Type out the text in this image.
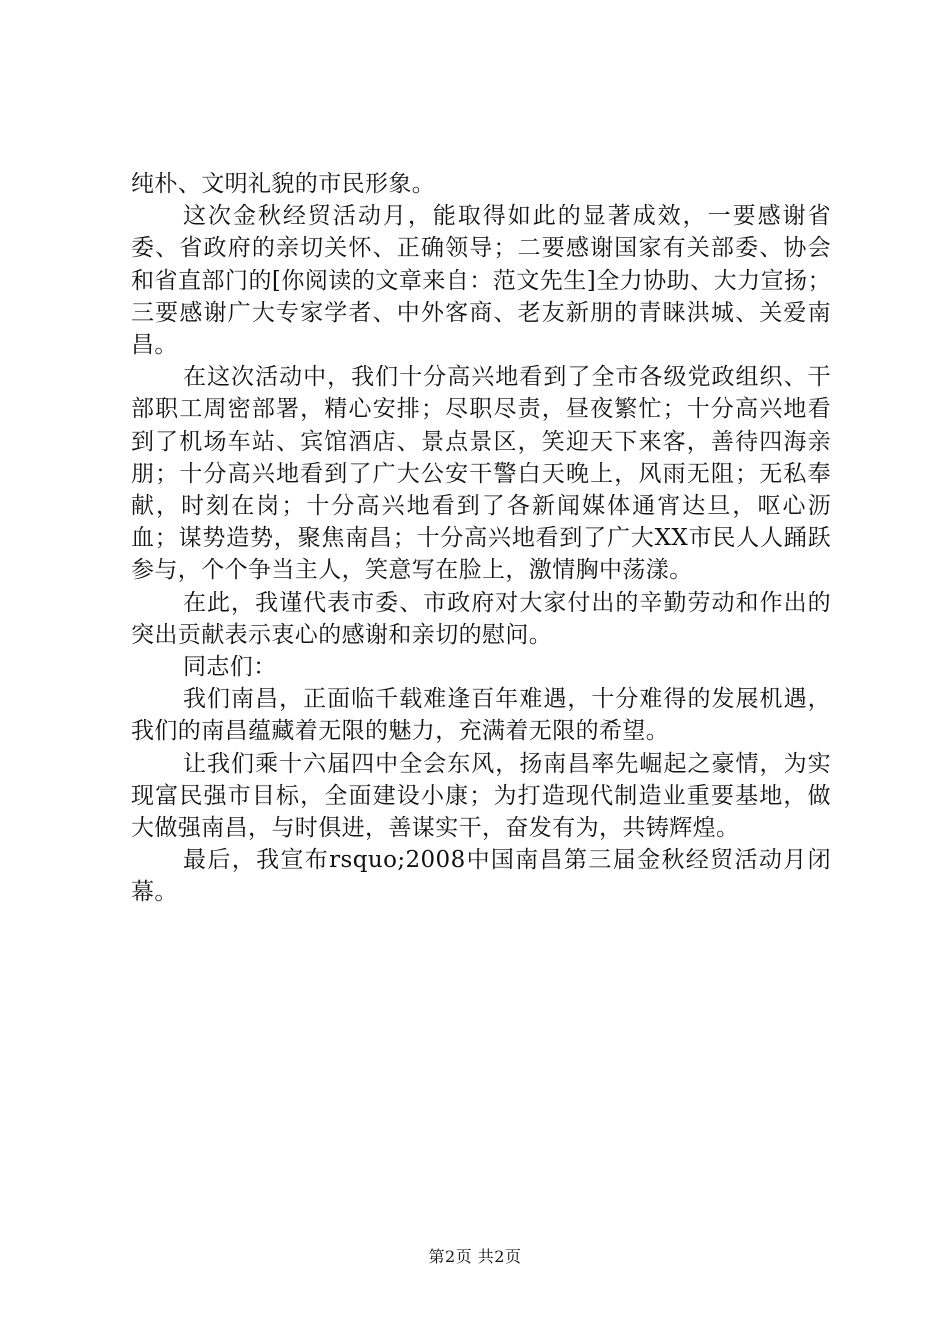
纯朴、文明礼貌的市民形象。

这次金秋经贸活动月，能取得如此的显著成效，一要感谢省委、省政府的亲切关怀、正确领导；二要感谢国家有关部委、协会和省直部门的[你阅读的文章来自：范文先生]全力协助、大力宣扬；三要感谢广大专家学者、中外客商、老友新朋的青睐洪城、关爱南昌。

在这次活动中，我们十分高兴地看到了全市各级党政组织、干部职工周密部署，精心安排；尽职尽责，昼夜繁忙；十分高兴地看到了机场车站、宾馆酒店、景点景区，笑迎天下来客，善待四海亲朋；十分高兴地看到了广大公安干警白天晚上，风雨无阻；无私奉献，时刻在岗；十分高兴地看到了各新闻媒体通宵达旦，呕心沥血；谋势造势，聚焦南昌；十分高兴地看到了广大XX市民人人踊跃参与，个个争当主人，笑意写在脸上，激情胸中荡漾。

在此，我谨代表市委、市政府对大家付出的辛勤劳动和作出的突出贡献表示衷心的感谢和亲切的慰问。

同志们：

我们南昌，正面临千载难逢百年难遇，十分难得的发展机遇，我们的南昌蕴藏着无限的魅力，充满着无限的希望。

让我们乘十六届四中全会东风，扬南昌率先崛起之豪情，为实现富民强市目标，全面建设小康；为打造现代制造业重要基地，做大做强南昌，与时俱进，善谋实干，奋发有为，共铸辉煌。

最后，我宣布rsquo;2008中国南昌第三届金秋经贸活动月闭幕。

第2页 共2页
